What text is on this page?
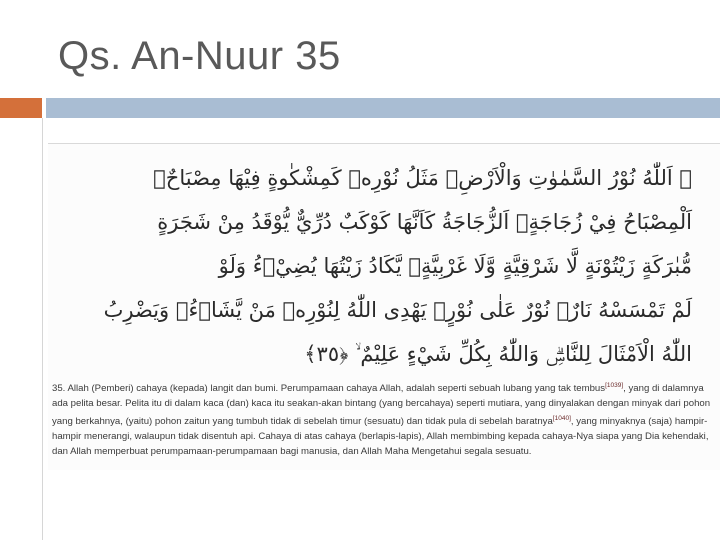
Qs. An-Nuur 35
۞ اَللّٰهُ نُوْرُ السَّمٰوٰتِ وَالْاَرْضِۗ مَثَلُ نُوْرِهٖ كَمِشْكٰوةٍ فِيْهَا مِصْبَاحٌۗ
اَلْمِصْبَاحُ فِيْ زُجَاجَةٍۗ اَلزُّجَاجَةُ كَاَنَّهَا كَوْكَبٌ دُرِّيٌّ يُّوْقَدُ مِنْ شَجَرَةٍ
مُّبٰرَكَةٍ زَيْتُوْنَةٍ لَّا شَرْقِيَّةٍ وَّلَا غَرْبِيَّةٍۙ يَّكَادُ زَيْتُهَا يُضِيْۤءُ وَلَوْ
لَمْ تَمْسَسْهُ نَارٌۗ نُوْرٌ عَلٰى نُوْرٍۗ يَهْدِى اللّٰهُ لِنُوْرِهٖ مَنْ يَّشَاۤءُۗ وَيَضْرِبُ
اللّٰهُ الْاَمْثَالَ لِلنَّاسِۗ وَاللّٰهُ بِكُلِّ شَيْءٍ عَلِيْمٌ ۙ ﴿٣٥﴾
35. Allah (Pemberi) cahaya (kepada) langit dan bumi. Perumpamaan cahaya Allah, adalah seperti sebuah lubang yang tak tembus[1039], yang di dalamnya ada pelita besar. Pelita itu di dalam kaca (dan) kaca itu seakan-akan bintang (yang bercahaya) seperti mutiara, yang dinyalakan dengan minyak dari pohon yang berkahnya, (yaitu) pohon zaitun yang tumbuh tidak di sebelah timur (sesuatu) dan tidak pula di sebelah baratnya[1040], yang minyaknya (saja) hampir-hampir menerangi, walaupun tidak disentuh api. Cahaya di atas cahaya (berlapis-lapis), Allah membimbing kepada cahaya-Nya siapa yang Dia kehendaki, dan Allah memperbuat perumpamaan-perumpamaan bagi manusia, dan Allah Maha Mengetahui segala sesuatu.
